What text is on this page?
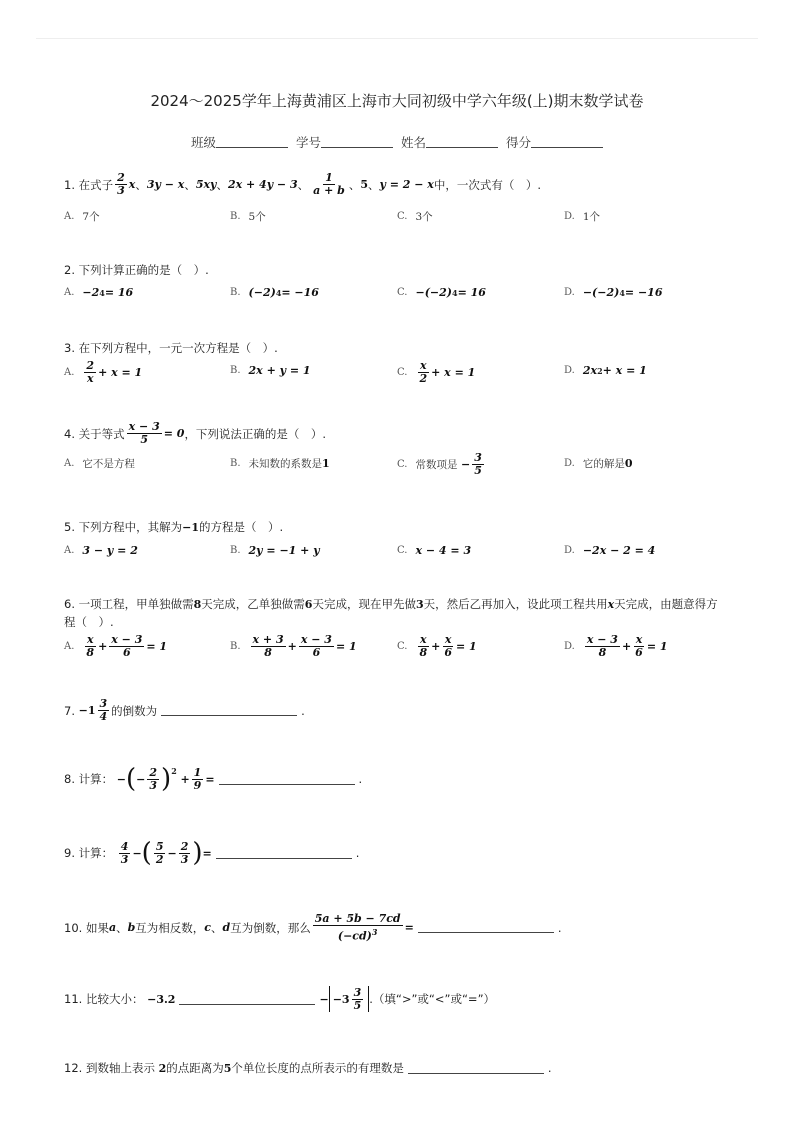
2024～2025学年上海黄浦区上海市大同初级中学六年级(上)期末数学试卷
班级	学号	姓名	得分
1. 在式子 $\frac{2}{3}$ x 、 3y − x 、 5xy 、 2x + 4y − 3 、 $\frac{1}{a + b}$ 、 5 、 y = 2 − x 中，一次式有（　）.
A. 7个	B. 5个	C. 3个	D. 1个
2. 下列计算正确的是（　）.
A. −2 4 = 16	B. (−2) 4 = −16	C. −(−2) 4 = 16	D. −(−2) 4 = −16
3. 在下列方程中，一元一次方程是（　）.
A. $\frac{2}{x} + x = 1$	B. 2x + y = 1	C. $\frac{x}{2} + x = 1$	D. 2x 2 + x = 1
4. 关于等式 $\frac{x - 3}{5} = 0$ ，下列说法正确的是（　）.
A. 它不是方程	B. 未知数的系数是 1	C. 常数项是
− $\frac{3}{5}$	D. 它的解是 0
5. 下列方程中，其解为−1的方程是（　）.
A. 3 − y = 2	B. 2y = −1 + y	C. x − 4 = 3	D. −2x − 2 = 4
6. 一项工程，甲单独做需8天完成，乙单独做需6天完成，现在甲先做3天，然后乙再加入，设此项工程共用x天完成，由题意得方
程（　）.
A. $\frac{x}{8} + \frac{x - 3}{6} = 1$	B. $\frac{x + 3}{8} + \frac{x - 3}{6} = 1$	C. $\frac{x}{8} + \frac{x}{6} = 1$	D. $\frac{x - 3}{8} + \frac{x}{6} = 1$
7.
$-1 \frac{3}{4}$ 的倒数为	.
8. 计算：
− ( − $\frac{2}{3} )^2$

+ $\frac{1}{9}$ =	.
9. 计算：
$\frac{4}{3}$ − ( $\frac{5}{2} - \frac{2}{3}$ ) =	.
10. 如果 a 、 b 互为相反数， c 、 d 互为倒数，那么 $\frac{5a + 5b - 7cd}{(-cd)^3}$ =	.
11. 比较大小：
−3.2	− $-3 \frac{3}{5}$ .（填“>”或“<”或“=”）
12. 到数轴上表示
2 的点距离为 5 个单位长度的点所表示的有理数是	.
